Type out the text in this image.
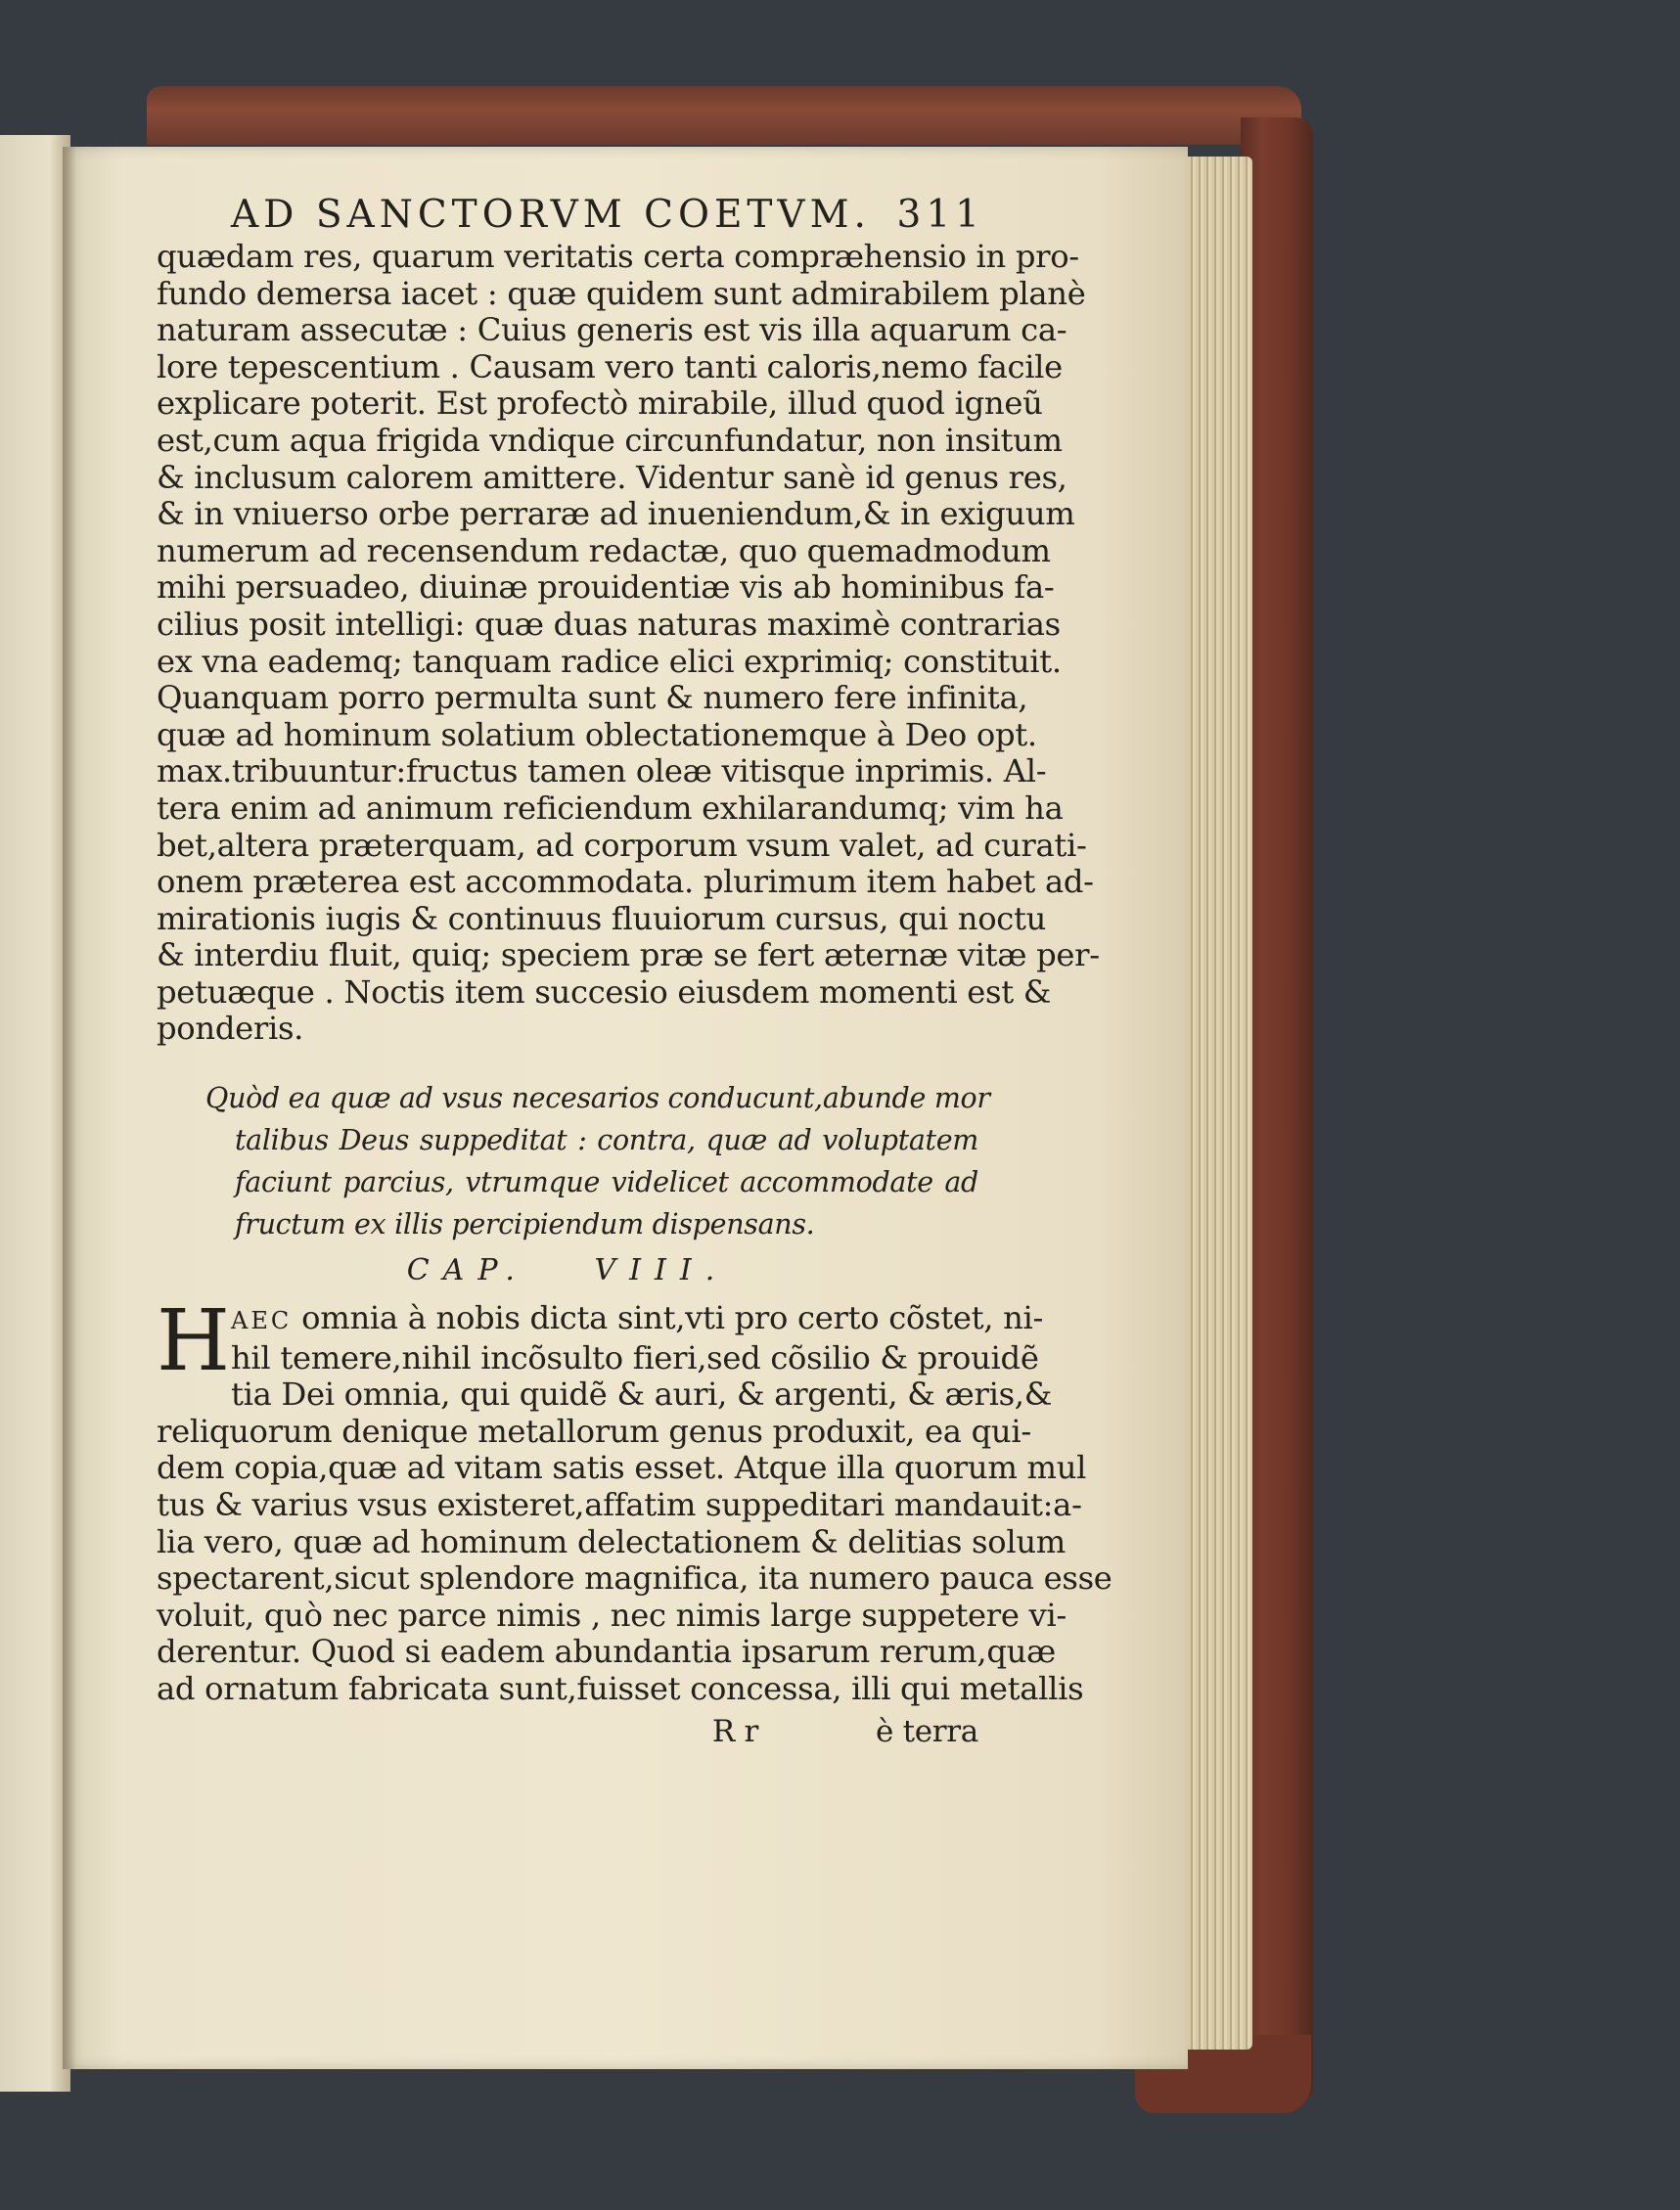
AD SANCTORVM COETVM. 311
quædam res, quarum veritatis certa compræhensio in pro-
fundo demersa iacet : quæ quidem sunt admirabilem planè
naturam assecutæ : Cuius generis est vis illa aquarum ca-
lore tepescentium . Causam vero tanti caloris,nemo facile
explicare poterit. Est profectò mirabile, illud quod igneũ
est,cum aqua frigida vndique circunfundatur, non insitum
& inclusum calorem amittere. Videntur sanè id genus res,
& in vniuerso orbe perraræ ad inueniendum,& in exiguum
numerum ad recensendum redactæ, quo quemadmodum
mihi persuadeo, diuinæ prouidentiæ vis ab hominibus fa-
cilius posit intelligi: quæ duas naturas maximè contrarias
ex vna eademq; tanquam radice elici exprimiq; constituit.
Quanquam porro permulta sunt & numero fere infinita,
quæ ad hominum solatium oblectationemque à Deo opt.
max.tribuuntur:fructus tamen oleæ vitisque inprimis. Al-
tera enim ad animum reficiendum exhilarandumq; vim ha
bet,altera præterquam, ad corporum vsum valet, ad curati-
onem præterea est accommodata. plurimum item habet ad-
mirationis iugis & continuus fluuiorum cursus, qui noctu
& interdiu fluit, quiq; speciem præ se fert æternæ vitæ per-
petuæque . Noctis item succesio eiusdem momenti est &
ponderis.
Quòd ea quæ ad vsus necesarios conducunt,abunde mor
talibus Deus suppeditat : contra, quæ ad voluptatem
faciunt parcius, vtrumque videlicet accommodate ad
fructum ex illis percipiendum dispensans.
CAP. VIII.
H AEC omnia à nobis dicta sint,vti pro certo cõstet, ni-
hil temere,nihil incõsulto fieri,sed cõsilio & prouidẽ
tia Dei omnia, qui quidẽ & auri, & argenti, & æris,&
reliquorum denique metallorum genus produxit, ea qui-
dem copia,quæ ad vitam satis esset. Atque illa quorum mul
tus & varius vsus existeret,affatim suppeditari mandauit:a-
lia vero, quæ ad hominum delectationem & delitias solum
spectarent,sicut splendore magnifica, ita numero pauca esse
voluit, quò nec parce nimis , nec nimis large suppetere vi-
derentur. Quod si eadem abundantia ipsarum rerum,quæ
ad ornatum fabricata sunt,fuisset concessa, illi qui metallis
R r	è terra
